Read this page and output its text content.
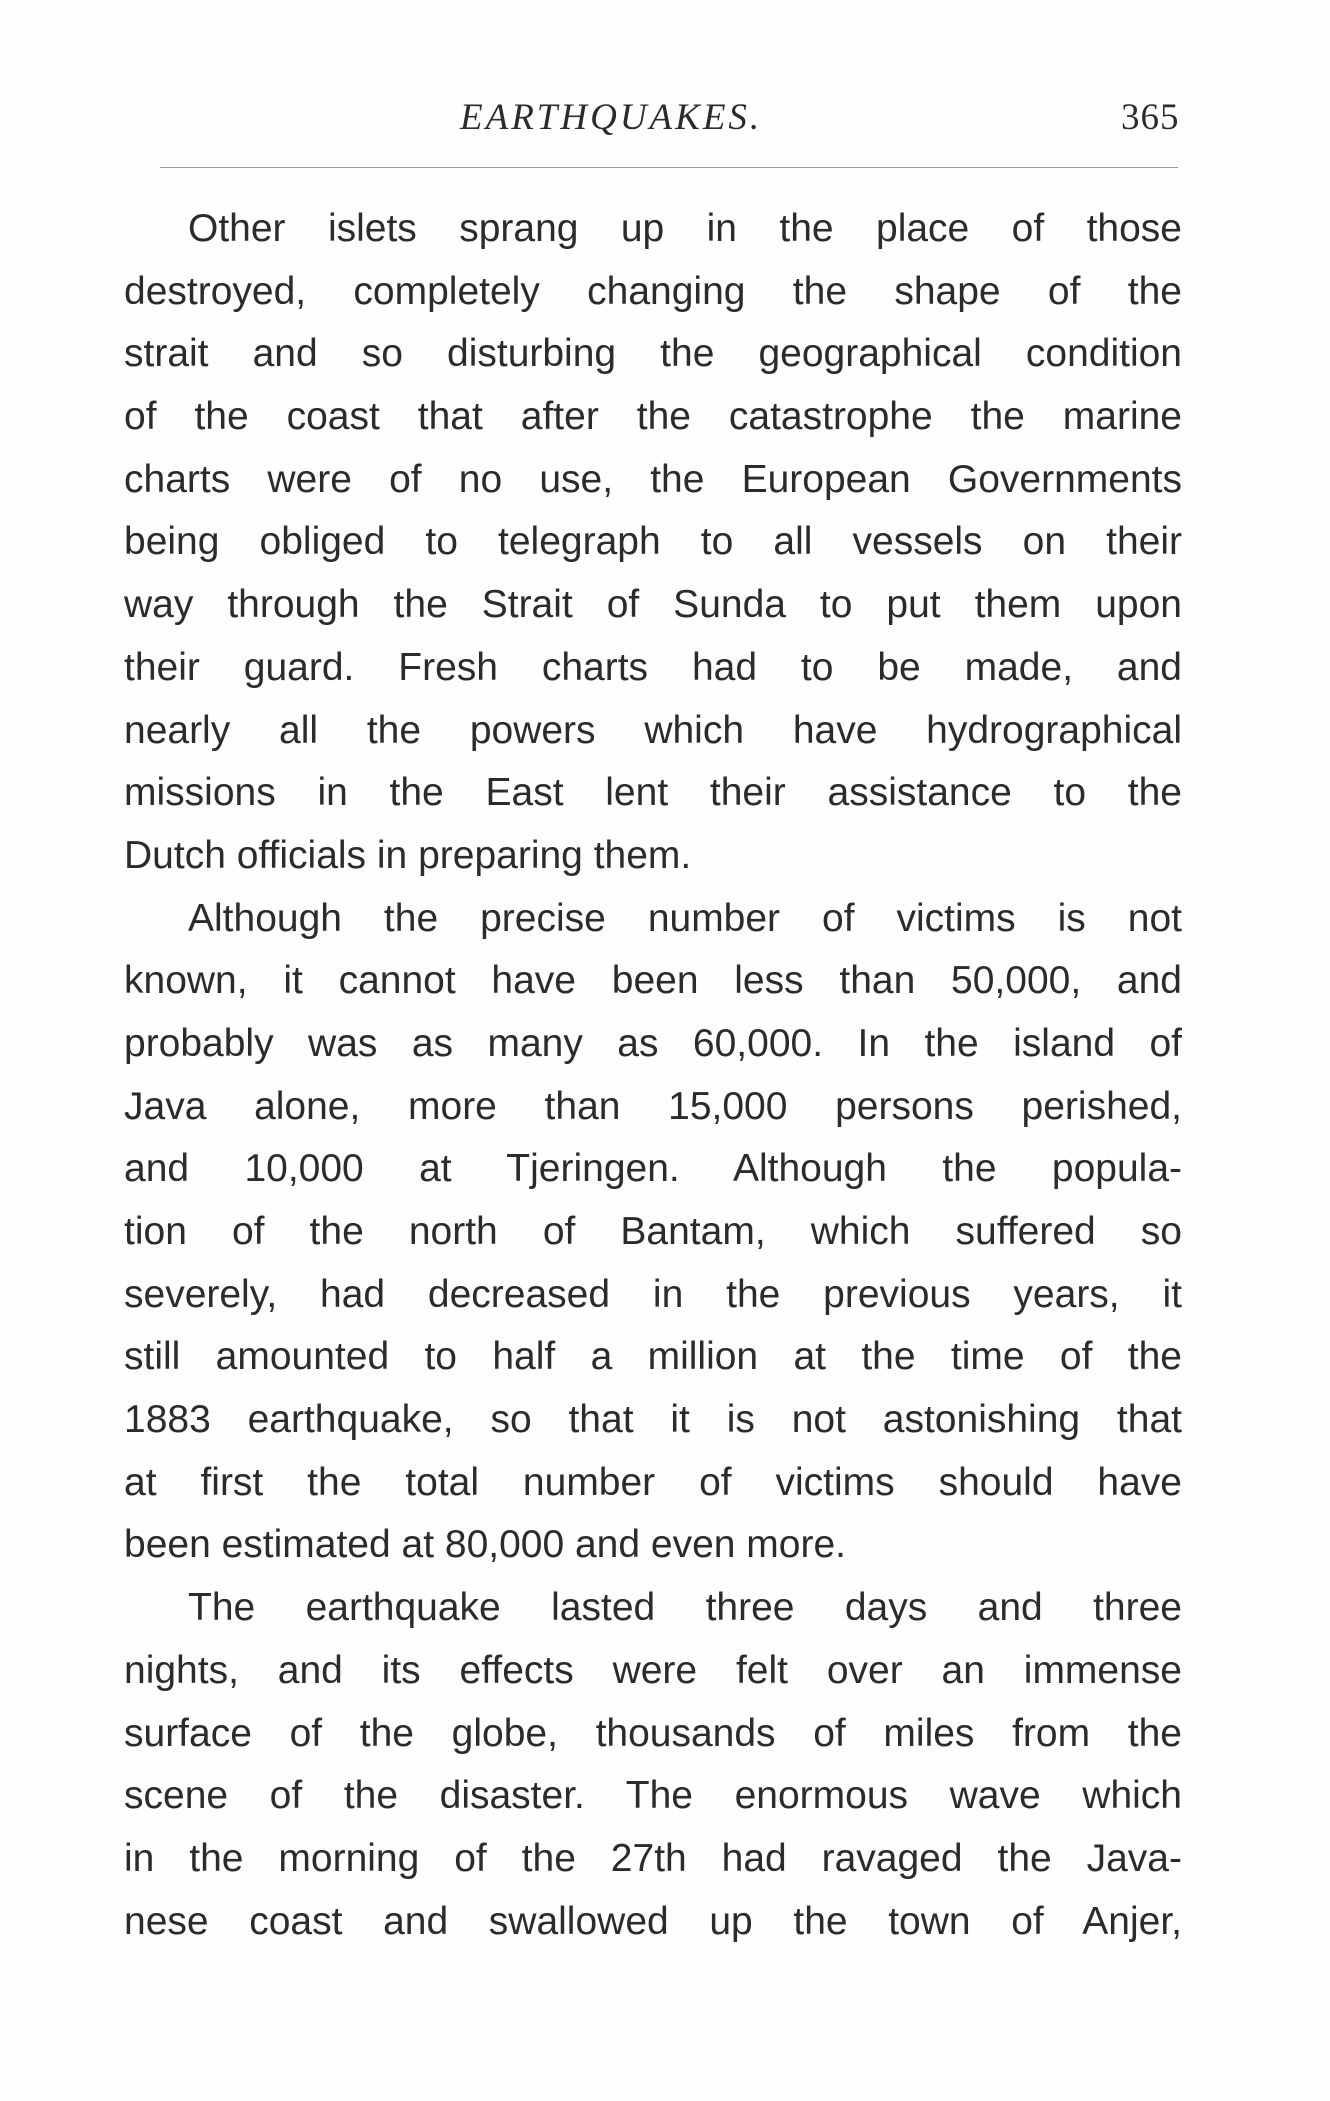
EARTHQUAKES.	365
Other islets sprang up in the place of those
destroyed, completely changing the shape of the
strait and so disturbing the geographical condition
of the coast that after the catastrophe the marine
charts were of no use, the European Governments
being obliged to telegraph to all vessels on their
way through the Strait of Sunda to put them upon
their guard. Fresh charts had to be made, and
nearly all the powers which have hydrographical
missions in the East lent their assistance to the
Dutch officials in preparing them.
Although the precise number of victims is not
known, it cannot have been less than 50,000, and
probably was as many as 60,000. In the island of
Java alone, more than 15,000 persons perished,
and 10,000 at Tjeringen. Although the popula-
tion of the north of Bantam, which suffered so
severely, had decreased in the previous years, it
still amounted to half a million at the time of the
1883 earthquake, so that it is not astonishing that
at first the total number of victims should have
been estimated at 80,000 and even more.
The earthquake lasted three days and three
nights, and its effects were felt over an immense
surface of the globe, thousands of miles from the
scene of the disaster. The enormous wave which
in the morning of the 27th had ravaged the Java-
nese coast and swallowed up the town of Anjer,
